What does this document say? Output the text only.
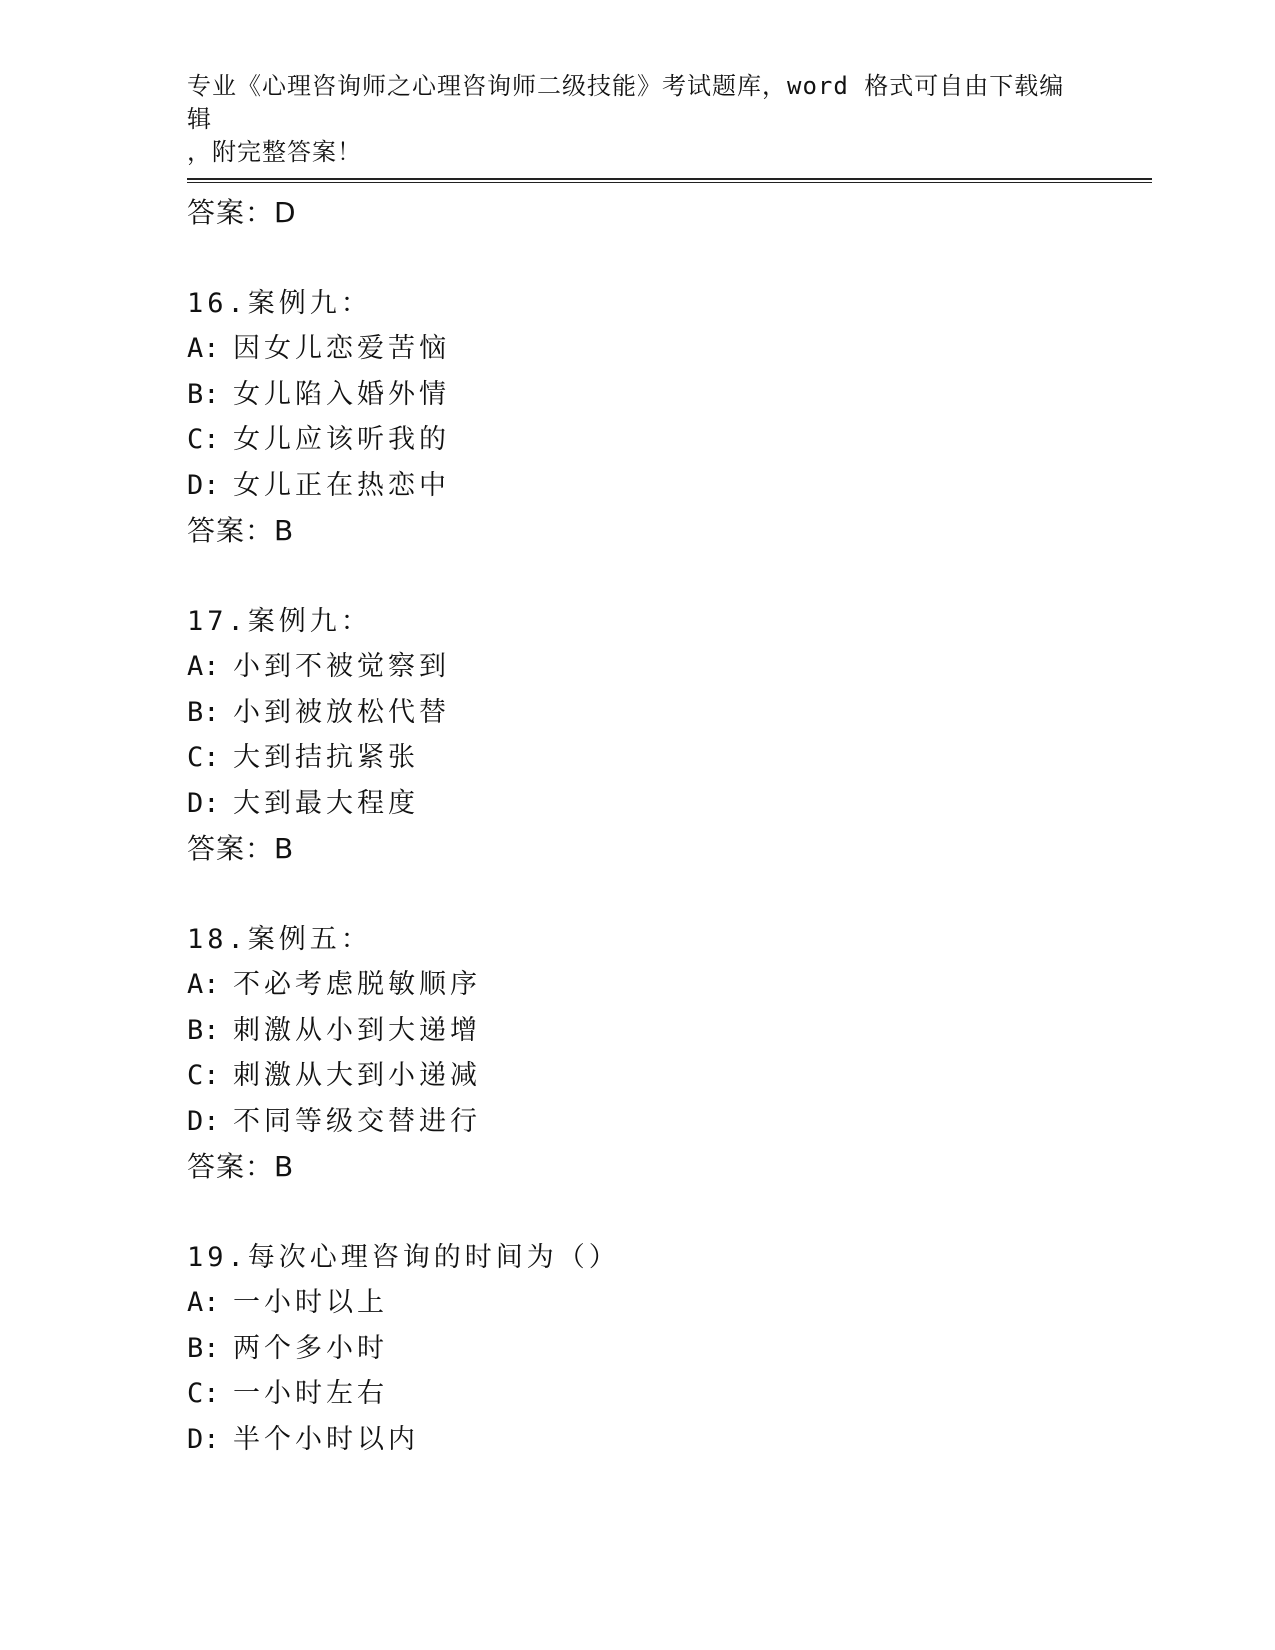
专业《心理咨询师之心理咨询师二级技能》考试题库，word 格式可自由下载编辑
，附完整答案！
答案：D
16.案例九：
A: 因女儿恋爱苦恼
B: 女儿陷入婚外情
C: 女儿应该听我的
D: 女儿正在热恋中
答案：B
17.案例九：
A: 小到不被觉察到
B: 小到被放松代替
C: 大到拮抗紧张
D: 大到最大程度
答案：B
18.案例五：
A: 不必考虑脱敏顺序
B: 刺激从小到大递增
C: 刺激从大到小递减
D: 不同等级交替进行
答案：B
19.每次心理咨询的时间为（）
A: 一小时以上
B: 两个多小时
C: 一小时左右
D: 半个小时以内
